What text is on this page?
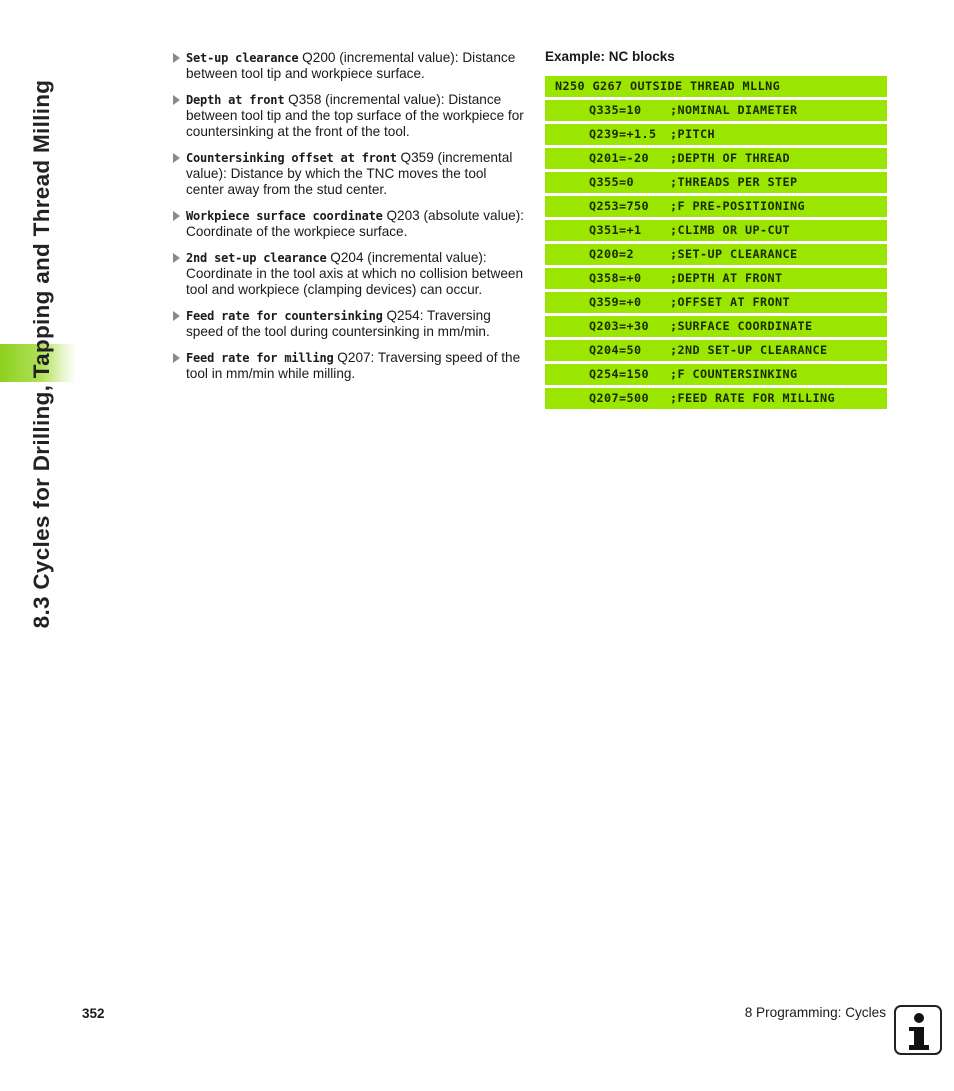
8.3 Cycles for Drilling, Tapping and Thread Milling
Set-up clearance Q200 (incremental value): Distance between tool tip and workpiece surface.
Depth at front Q358 (incremental value): Distance between tool tip and the top surface of the workpiece for countersinking at the front of the tool.
Countersinking offset at front Q359 (incremental value): Distance by which the TNC moves the tool center away from the stud center.
Workpiece surface coordinate Q203 (absolute value): Coordinate of the workpiece surface.
2nd set-up clearance Q204 (incremental value): Coordinate in the tool axis at which no collision between tool and workpiece (clamping devices) can occur.
Feed rate for countersinking Q254: Traversing speed of the tool during countersinking in mm/min.
Feed rate for milling Q207: Traversing speed of the tool in mm/min while milling.
Example: NC blocks
N250 G267 OUTSIDE THREAD MLLNG
Q335=10 ;NOMINAL DIAMETER
Q239=+1.5 ;PITCH
Q201=-20 ;DEPTH OF THREAD
Q355=0	;THREADS PER STEP
Q253=750 ;F PRE-POSITIONING
Q351=+1 ;CLIMB OR UP-CUT
Q200=2	;SET-UP CLEARANCE
Q358=+0 ;DEPTH AT FRONT
Q359=+0 ;OFFSET AT FRONT
Q203=+30 ;SURFACE COORDINATE
Q204=50 ;2ND SET-UP CLEARANCE
Q254=150 ;F COUNTERSINKING
Q207=500 ;FEED RATE FOR MILLING
352	8 Programming: Cycles
